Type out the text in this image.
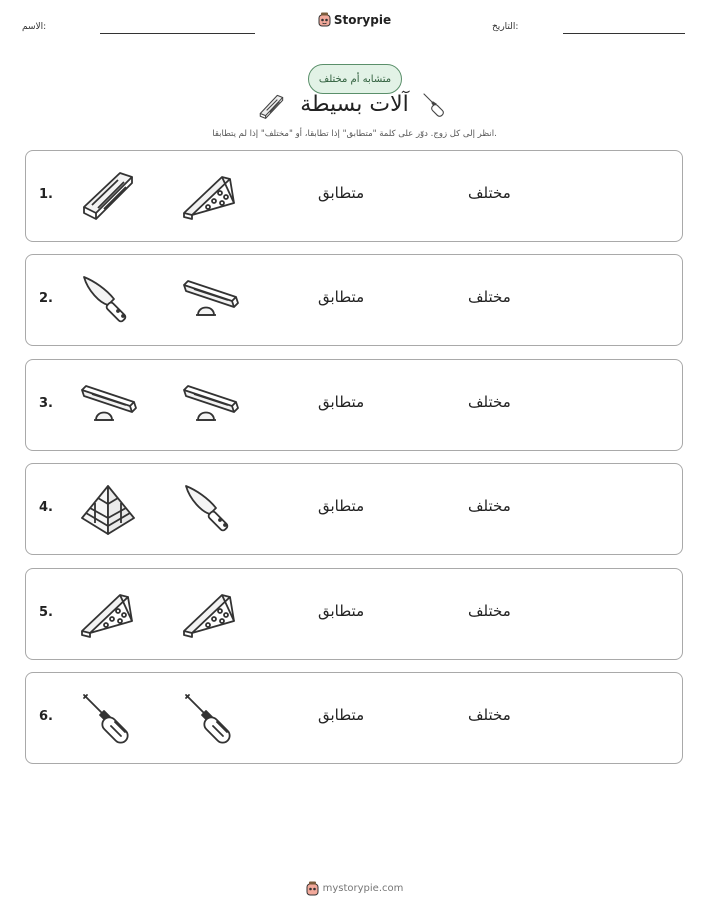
الاسم:
Storypie
التاريخ:
متشابه أم مختلف
آلات بسيطة
انظر إلى كل زوج. دوّر على كلمة "متطابق" إذا تطابقا، أو "مختلف" إذا لم يتطابقا.
1.	متطابق	مختلف
2.	متطابق	مختلف
3.	متطابق	مختلف
4.	متطابق	مختلف
5.	متطابق	مختلف
6.	متطابق	مختلف
mystorypie.com
